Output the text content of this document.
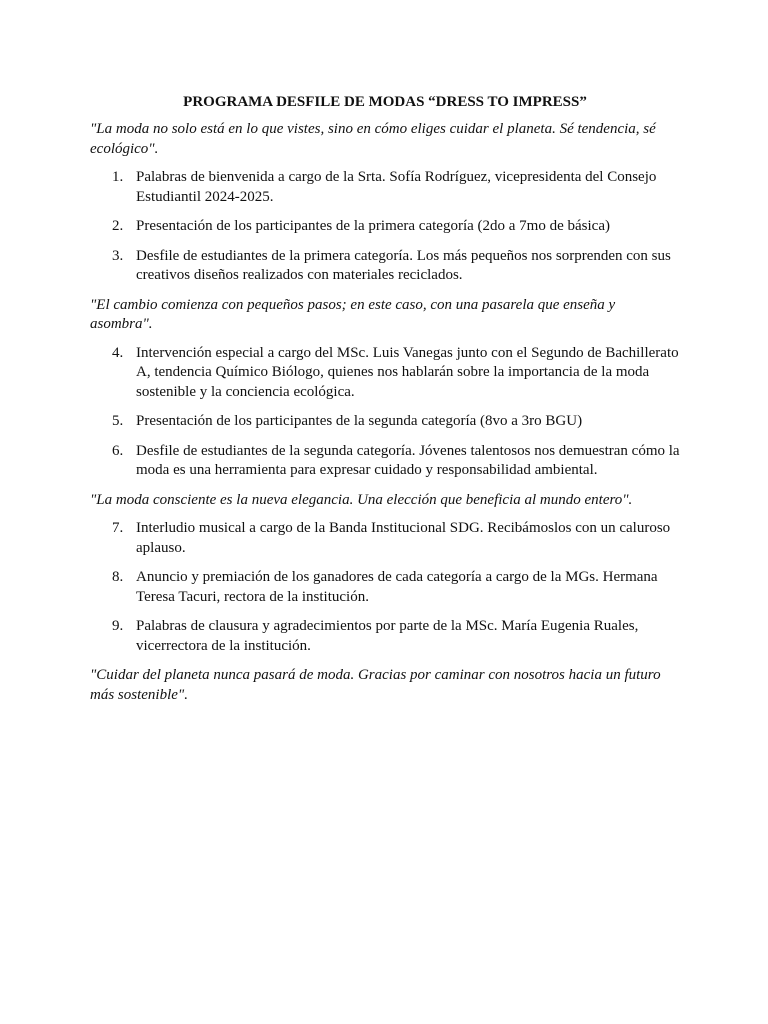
PROGRAMA DESFILE DE MODAS “DRESS TO IMPRESS”
"La moda no solo está en lo que vistes, sino en cómo eliges cuidar el planeta. Sé tendencia, sé ecológico".
1. Palabras de bienvenida a cargo de la Srta. Sofía Rodríguez, vicepresidenta del Consejo Estudiantil 2024-2025.
2. Presentación de los participantes de la primera categoría (2do a 7mo de básica)
3. Desfile de estudiantes de la primera categoría. Los más pequeños nos sorprenden con sus creativos diseños realizados con materiales reciclados.
"El cambio comienza con pequeños pasos; en este caso, con una pasarela que enseña y asombra".
4. Intervención especial a cargo del MSc. Luis Vanegas junto con el Segundo de Bachillerato A, tendencia Químico Biólogo, quienes nos hablarán sobre la importancia de la moda sostenible y la conciencia ecológica.
5. Presentación de los participantes de la segunda categoría (8vo a 3ro BGU)
6. Desfile de estudiantes de la segunda categoría. Jóvenes talentosos nos demuestran cómo la moda es una herramienta para expresar cuidado y responsabilidad ambiental.
"La moda consciente es la nueva elegancia. Una elección que beneficia al mundo entero".
7. Interludio musical a cargo de la Banda Institucional SDG. Recibámoslos con un caluroso aplauso.
8. Anuncio y premiación de los ganadores de cada categoría a cargo de la MGs. Hermana Teresa Tacuri, rectora de la institución.
9. Palabras de clausura y agradecimientos por parte de la MSc. María Eugenia Ruales, vicerrectora de la institución.
"Cuidar del planeta nunca pasará de moda. Gracias por caminar con nosotros hacia un futuro más sostenible".
